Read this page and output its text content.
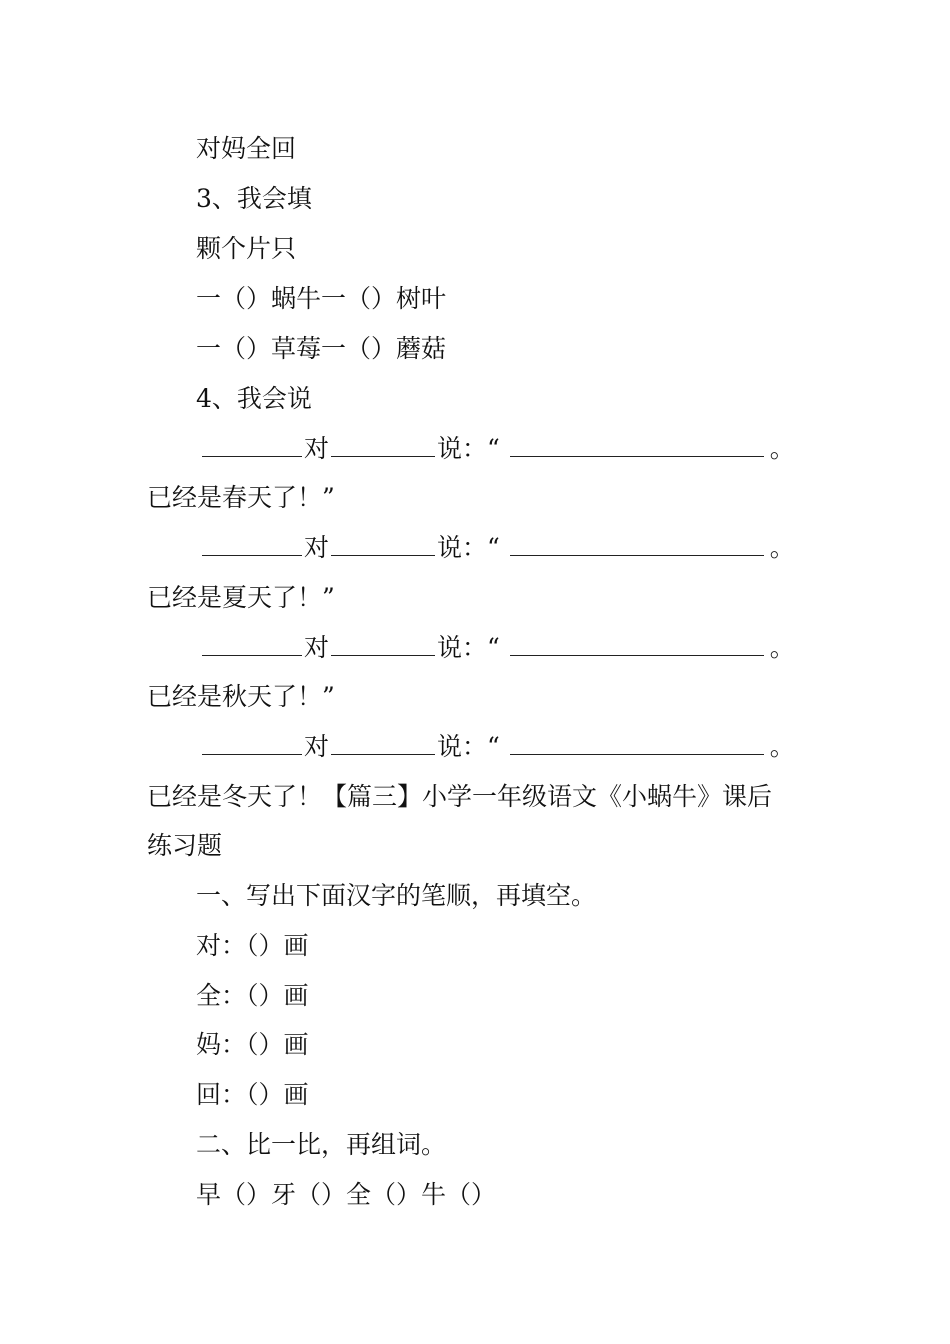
对妈全回
3、我会填
颗个片只
一（）蜗牛一（）树叶
一（）草莓一（）蘑菇
4、我会说
对	说：“	。
已经是春天了！”
对	说：“	。
已经是夏天了！”
对	说：“	。
已经是秋天了！”
对	说：“	。
已经是冬天了！【篇三】小学一年级语文《小蜗牛》课后
练习题
一、写出下面汉字的笔顺，再填空。
对：（）画
全：（）画
妈：（）画
回：（）画
二、比一比，再组词。
早（）牙（）全（）牛（）
